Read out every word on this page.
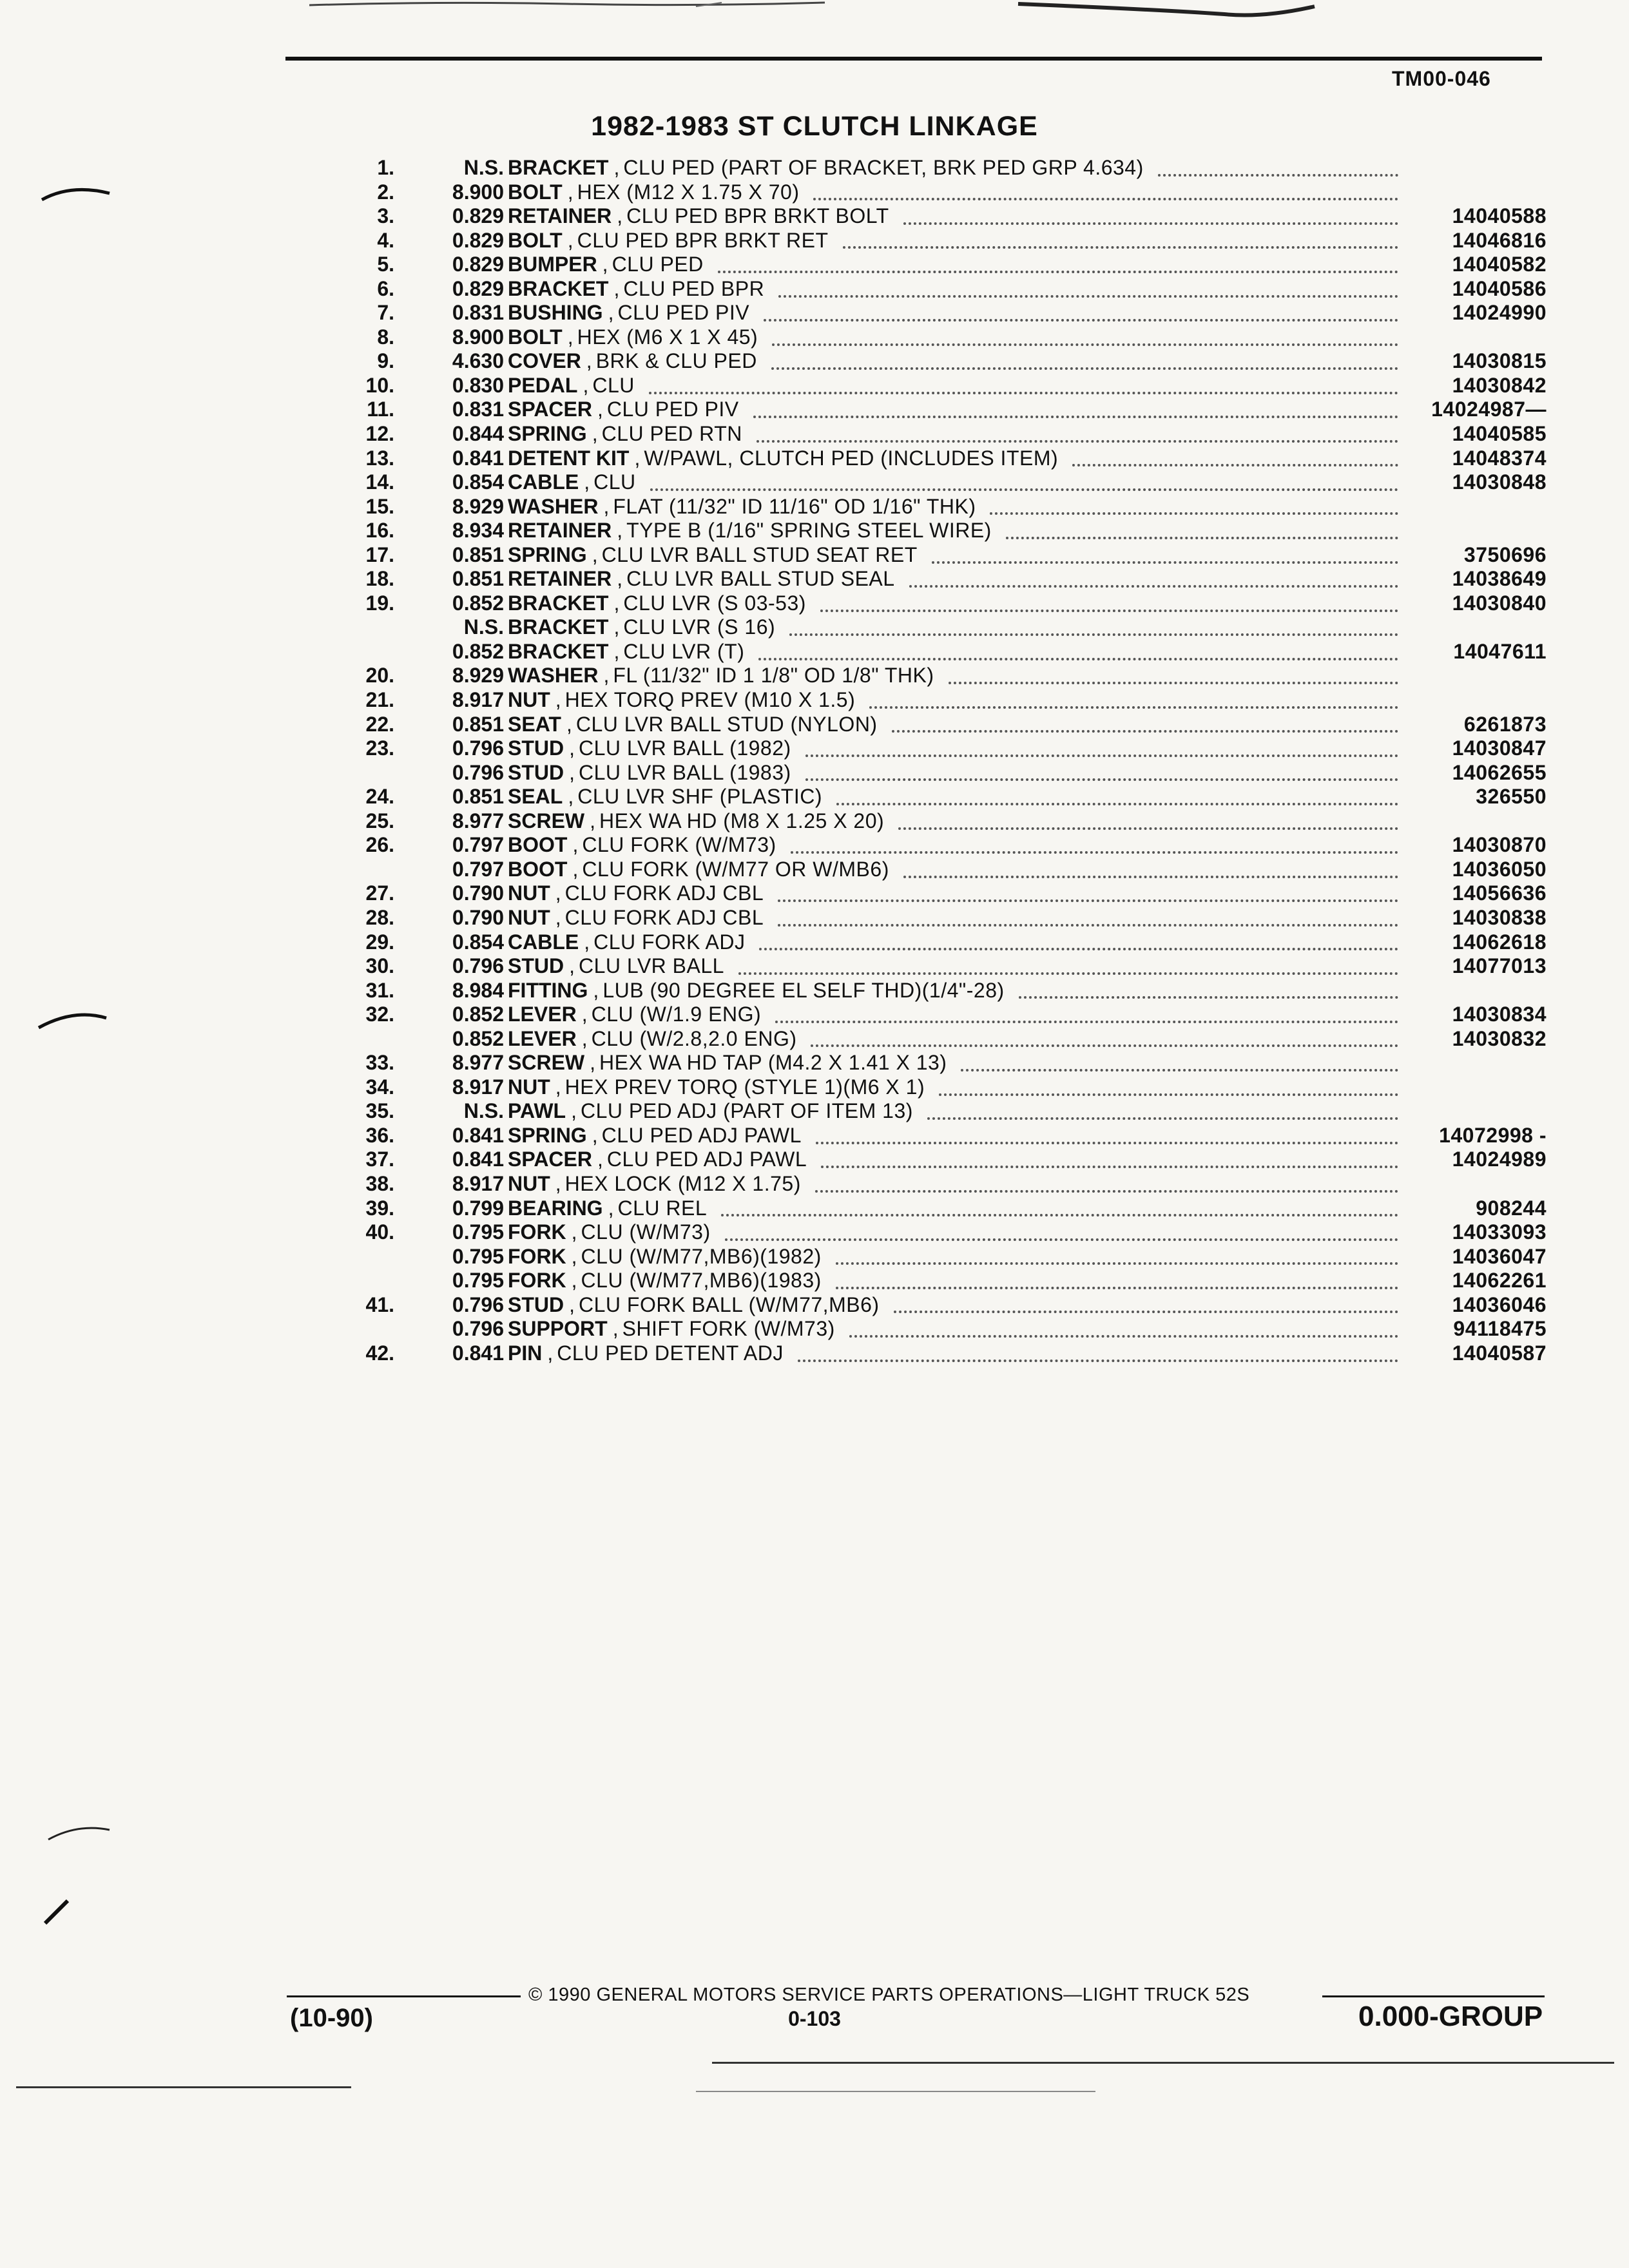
TM00-046
1982-1983 ST CLUTCH LINKAGE
1.	N.S. BRACKET , CLU PED (PART OF BRACKET, BRK PED GRP 4.634)
2.	8.900 BOLT , HEX (M12 X 1.75 X 70)
3.	0.829 RETAINER , CLU PED BPR BRKT BOLT	14040588
4.	0.829 BOLT , CLU PED BPR BRKT RET	14046816
5.	0.829 BUMPER , CLU PED	14040582
6.	0.829 BRACKET , CLU PED BPR	14040586
7.	0.831 BUSHING , CLU PED PIV	14024990
8.	8.900 BOLT , HEX (M6 X 1 X 45)
9.	4.630 COVER , BRK & CLU PED	14030815
10.	0.830 PEDAL , CLU	14030842
11.	0.831 SPACER , CLU PED PIV	14024987—
12.	0.844 SPRING , CLU PED RTN	14040585
13.	0.841 DETENT KIT , W/PAWL, CLUTCH PED (INCLUDES ITEM)	14048374
14.	0.854 CABLE , CLU	14030848
15.	8.929 WASHER , FLAT (11/32" ID 11/16" OD 1/16" THK)
16.	8.934 RETAINER , TYPE B (1/16" SPRING STEEL WIRE)
17.	0.851 SPRING , CLU LVR BALL STUD SEAT RET	3750696
18.	0.851 RETAINER , CLU LVR BALL STUD SEAL	14038649
19.	0.852 BRACKET , CLU LVR (S 03-53)	14030840
N.S. BRACKET , CLU LVR (S 16)
0.852 BRACKET , CLU LVR (T)	14047611
20.	8.929 WASHER , FL (11/32" ID 1 1/8" OD 1/8" THK)
21.	8.917 NUT , HEX TORQ PREV (M10 X 1.5)
22.	0.851 SEAT , CLU LVR BALL STUD (NYLON)	6261873
23.	0.796 STUD , CLU LVR BALL (1982)	14030847
0.796 STUD , CLU LVR BALL (1983)	14062655
24.	0.851 SEAL , CLU LVR SHF (PLASTIC)	326550
25.	8.977 SCREW , HEX WA HD (M8 X 1.25 X 20)
26.	0.797 BOOT , CLU FORK (W/M73)	14030870
0.797 BOOT , CLU FORK (W/M77 OR W/MB6)	14036050
27.	0.790 NUT , CLU FORK ADJ CBL	14056636
28.	0.790 NUT , CLU FORK ADJ CBL	14030838
29.	0.854 CABLE , CLU FORK ADJ	14062618
30.	0.796 STUD , CLU LVR BALL	14077013
31.	8.984 FITTING , LUB (90 DEGREE EL SELF THD)(1/4"-28)
32.	0.852 LEVER , CLU (W/1.9 ENG)	14030834
0.852 LEVER , CLU (W/2.8,2.0 ENG)	14030832
33.	8.977 SCREW , HEX WA HD TAP (M4.2 X 1.41 X 13)
34.	8.917 NUT , HEX PREV TORQ (STYLE 1)(M6 X 1)
35.	N.S. PAWL , CLU PED ADJ (PART OF ITEM 13)
36.	0.841 SPRING , CLU PED ADJ PAWL	14072998 -
37.	0.841 SPACER , CLU PED ADJ PAWL	14024989
38.	8.917 NUT , HEX LOCK (M12 X 1.75)
39.	0.799 BEARING , CLU REL	908244
40.	0.795 FORK , CLU (W/M73)	14033093
0.795 FORK , CLU (W/M77,MB6)(1982)	14036047
0.795 FORK , CLU (W/M77,MB6)(1983)	14062261
41.	0.796 STUD , CLU FORK BALL (W/M77,MB6)	14036046
0.796 SUPPORT , SHIFT FORK (W/M73)	94118475
42.	0.841 PIN , CLU PED DETENT ADJ	14040587
© 1990 GENERAL MOTORS SERVICE PARTS OPERATIONS—LIGHT TRUCK 52S
(10-90)	0-103	0.000-GROUP
